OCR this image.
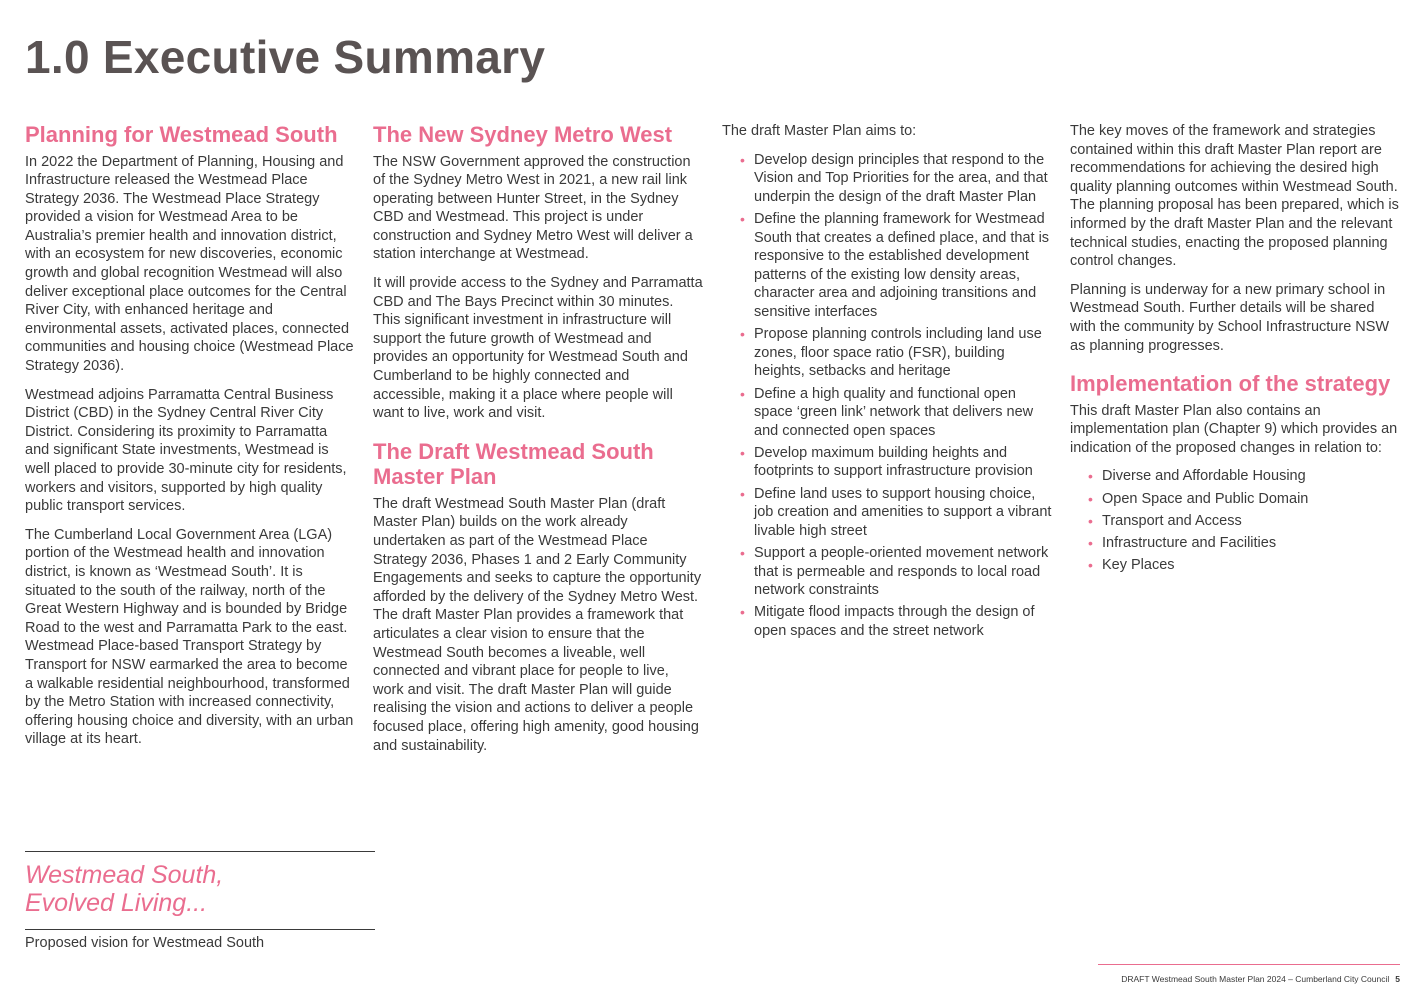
1.0 Executive Summary
Planning for Westmead South

In 2022 the Department of Planning, Housing and Infrastructure released the Westmead Place Strategy 2036. The Westmead Place Strategy provided a vision for Westmead Area to be Australia’s premier health and innovation district, with an ecosystem for new discoveries, economic growth and global recognition Westmead will also deliver exceptional place outcomes for the Central River City, with enhanced heritage and environmental assets, activated places, connected communities and housing choice (Westmead Place Strategy 2036).

Westmead adjoins Parramatta Central Business District (CBD) in the Sydney Central River City District. Considering its proximity to Parramatta and significant State investments, Westmead is well placed to provide 30-minute city for residents, workers and visitors, supported by high quality public transport services.

The Cumberland Local Government Area (LGA) portion of the Westmead health and innovation district, is known as ‘Westmead South’. It is situated to the south of the railway, north of the Great Western Highway and is bounded by Bridge Road to the west and Parramatta Park to the east. Westmead Place-based Transport Strategy by Transport for NSW earmarked the area to become a walkable residential neighbourhood, transformed by the Metro Station with increased connectivity, offering housing choice and diversity, with an urban village at its heart.

The New Sydney Metro West

The NSW Government approved the construction of the Sydney Metro West in 2021, a new rail link operating between Hunter Street, in the Sydney CBD and Westmead. This project is under construction and Sydney Metro West will deliver a station interchange at Westmead.

It will provide access to the Sydney and Parramatta CBD and The Bays Precinct within 30 minutes. This significant investment in infrastructure will support the future growth of Westmead and provides an opportunity for Westmead South and Cumberland to be highly connected and accessible, making it a place where people will want to live, work and visit.

The Draft Westmead South Master Plan

The draft Westmead South Master Plan (draft Master Plan) builds on the work already undertaken as part of the Westmead Place Strategy 2036, Phases 1 and 2 Early Community Engagements and seeks to capture the opportunity afforded by the delivery of the Sydney Metro West. The draft Master Plan provides a framework that articulates a clear vision to ensure that the Westmead South becomes a liveable, well connected and vibrant place for people to live, work and visit. The draft Master Plan will guide realising the vision and actions to deliver a people focused place, offering high amenity, good housing and sustainability.

The draft Master Plan aims to:

• Develop design principles that respond to the Vision and Top Priorities for the area, and that underpin the design of the draft Master Plan
• Define the planning framework for Westmead South that creates a defined place, and that is responsive to the established development patterns of the existing low density areas, character area and adjoining transitions and sensitive interfaces
• Propose planning controls including land use zones, floor space ratio (FSR), building heights, setbacks and heritage
• Define a high quality and functional open space ‘green link’ network that delivers new and connected open spaces
• Develop maximum building heights and footprints to support infrastructure provision
• Define land uses to support housing choice, job creation and amenities to support a vibrant livable high street
• Support a people-oriented movement network that is permeable and responds to local road network constraints
• Mitigate flood impacts through the design of open spaces and the street network

The key moves of the framework and strategies contained within this draft Master Plan report are recommendations for achieving the desired high quality planning outcomes within Westmead South. The planning proposal has been prepared, which is informed by the draft Master Plan and the relevant technical studies, enacting the proposed planning control changes.

Planning is underway for a new primary school in Westmead South. Further details will be shared with the community by School Infrastructure NSW as planning progresses.

Implementation of the strategy

This draft Master Plan also contains an implementation plan (Chapter 9) which provides an indication of the proposed changes in relation to:

• Diverse and Affordable Housing
• Open Space and Public Domain
• Transport and Access
• Infrastructure and Facilities
• Key Places
Westmead South,
Evolved Living...

Proposed vision for Westmead South

DRAFT Westmead South Master Plan 2024 – Cumberland City Council 5
